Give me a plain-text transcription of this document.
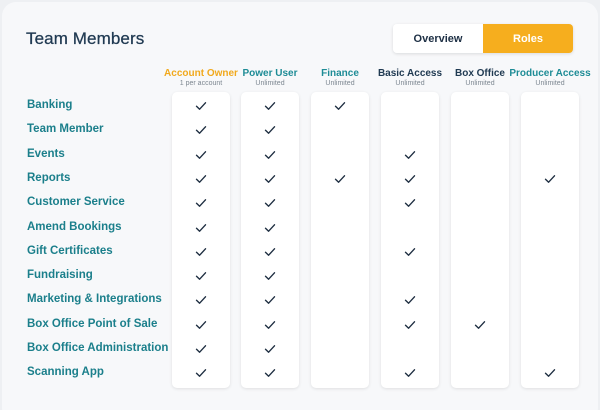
Team Members	Overview	Roles
Account Owner
1 per account
Power User
Unlimited
Finance
Unlimited
Basic Access
Unlimited
Box Office
Unlimited
Producer Access
Unlimited
Banking
Team Member
Events
Reports
Customer Service
Amend Bookings
Gift Certificates
Fundraising
Marketing & Integrations
Box Office Point of Sale
Box Office Administration
Scanning App
